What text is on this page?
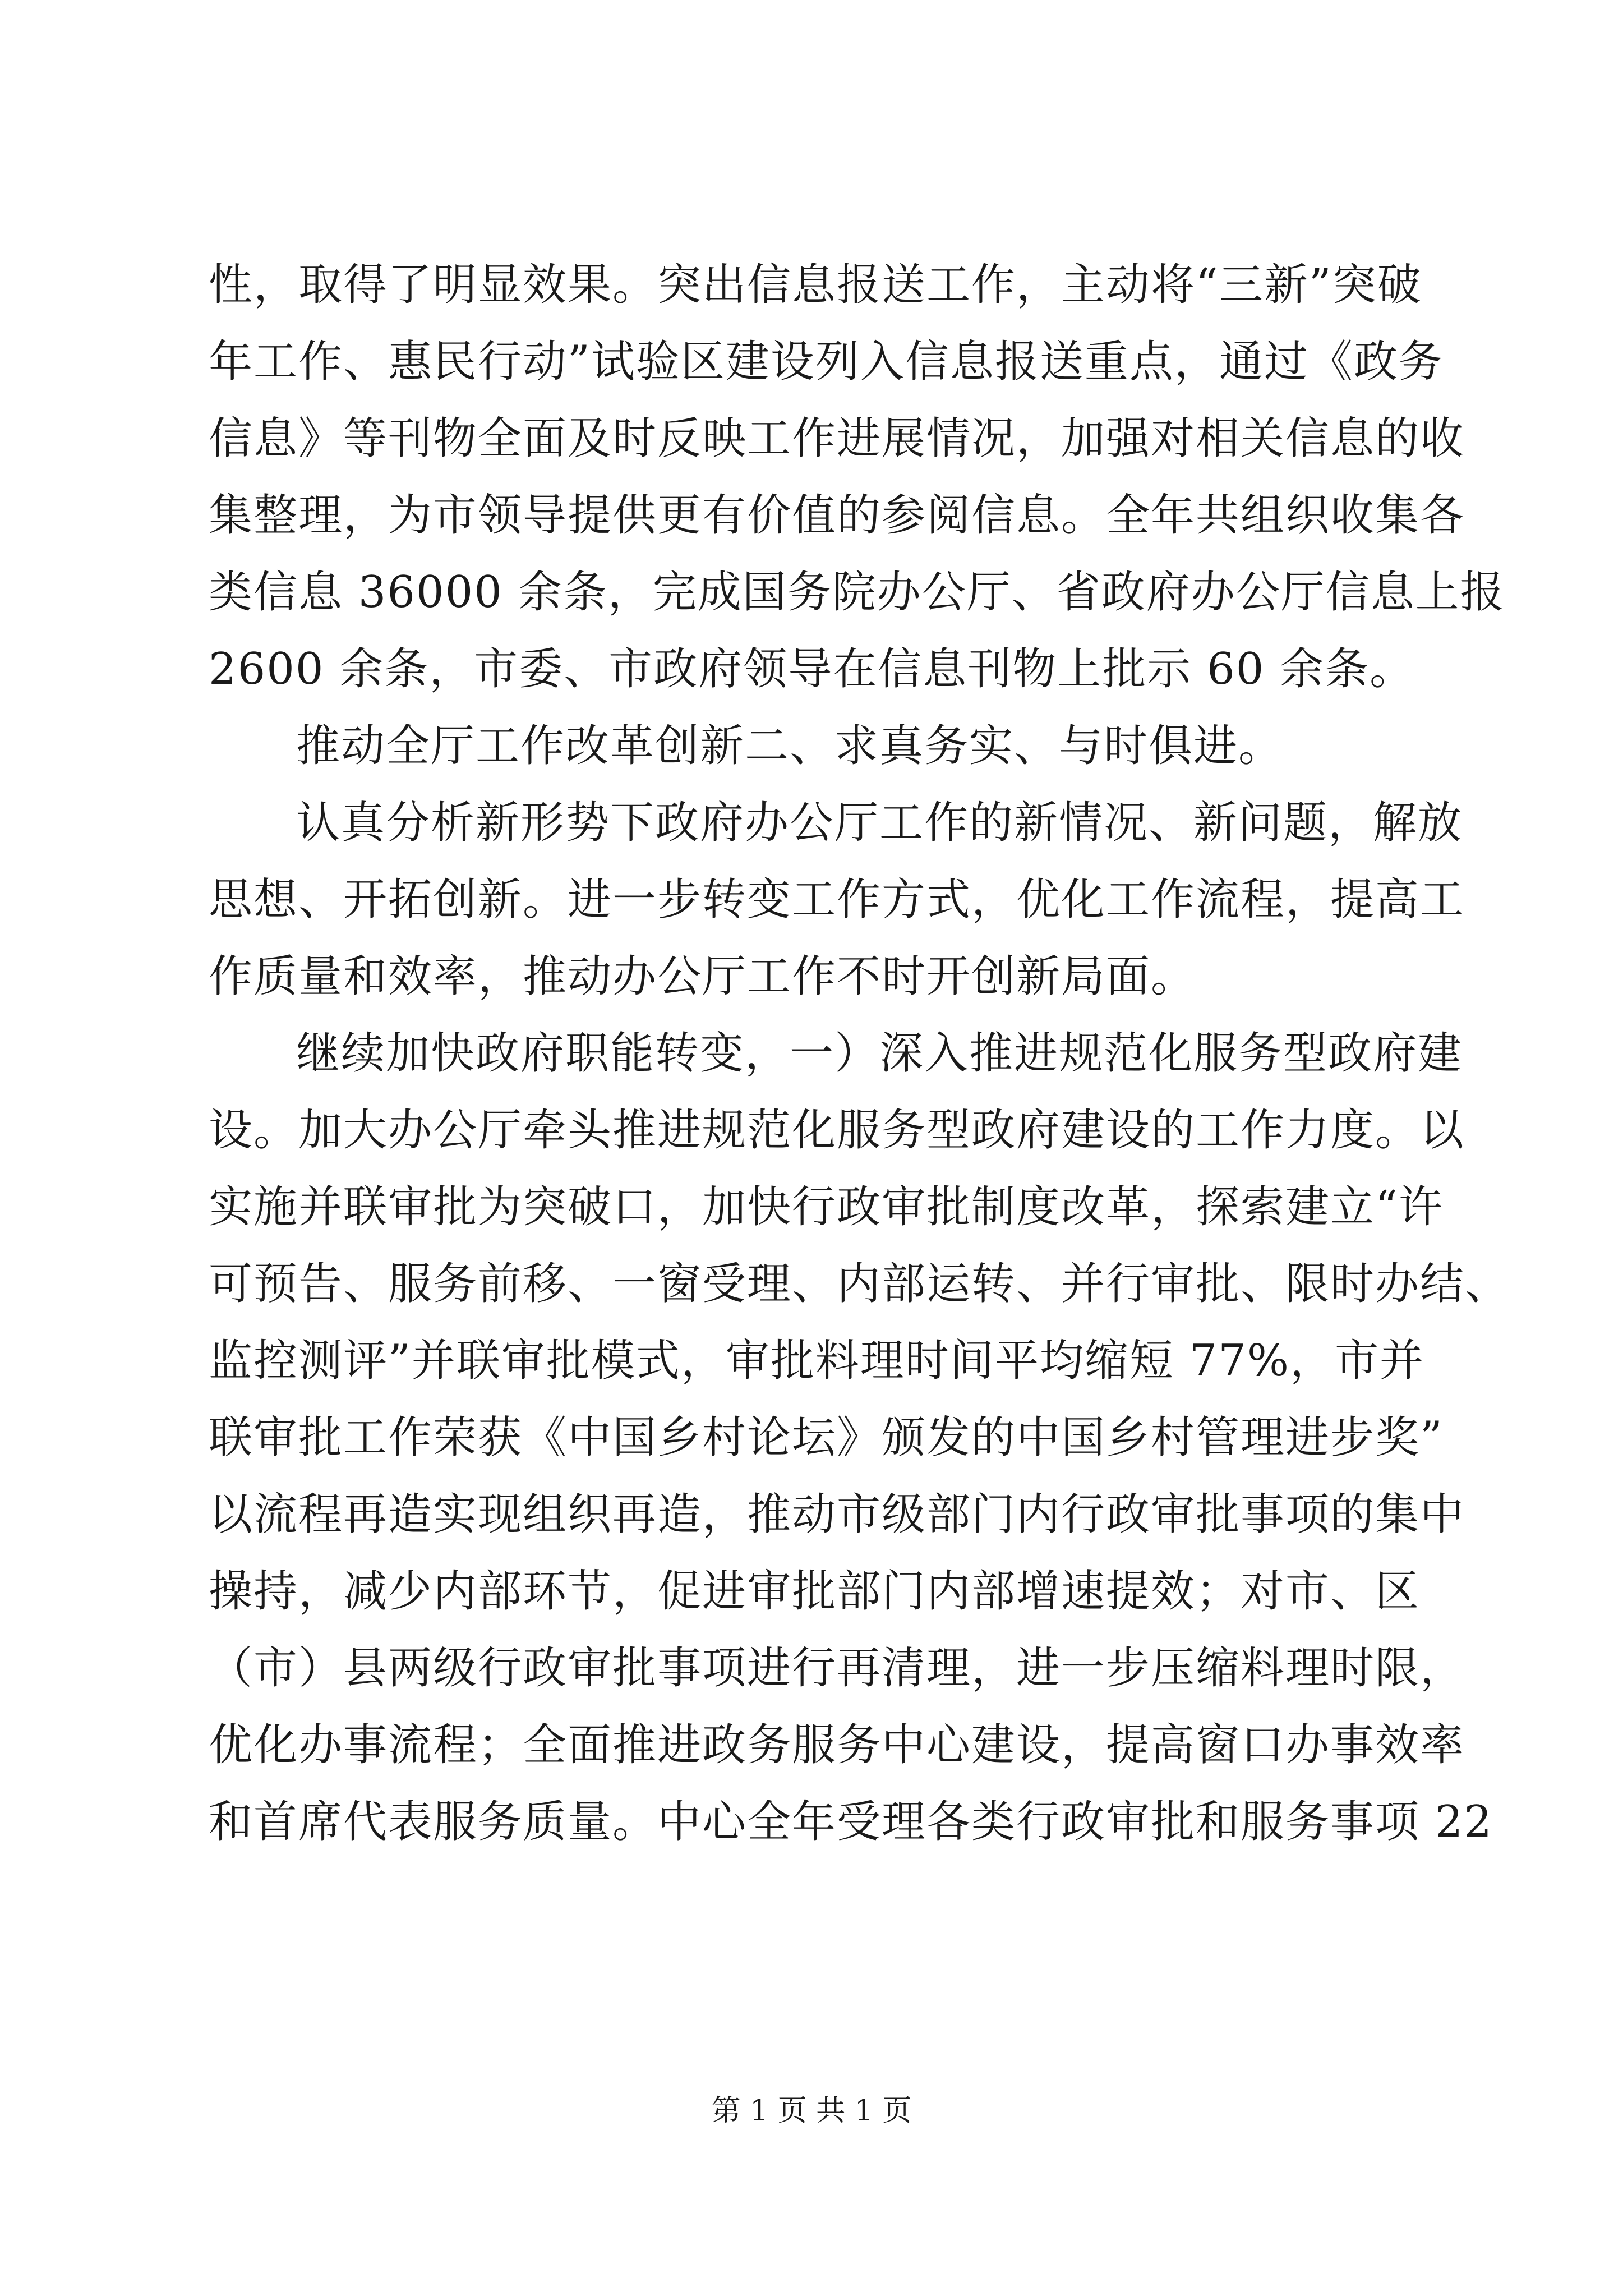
性，取得了明显效果。突出信息报送工作，主动将“三新”突破
年工作、惠民行动”试验区建设列入信息报送重点，通过《政务
信息》等刊物全面及时反映工作进展情况，加强对相关信息的收
集整理，为市领导提供更有价值的参阅信息。全年共组织收集各
类信息 36000 余条，完成国务院办公厅、省政府办公厅信息上报
2600 余条，市委、市政府领导在信息刊物上批示 60 余条。
推动全厅工作改革创新二、求真务实、与时俱进。
认真分析新形势下政府办公厅工作的新情况、新问题，解放
思想、开拓创新。进一步转变工作方式，优化工作流程，提高工
作质量和效率，推动办公厅工作不时开创新局面。
继续加快政府职能转变，一）深入推进规范化服务型政府建
设。加大办公厅牵头推进规范化服务型政府建设的工作力度。以
实施并联审批为突破口，加快行政审批制度改革，探索建立“许
可预告、服务前移、一窗受理、内部运转、并行审批、限时办结、
监控测评”并联审批模式，审批料理时间平均缩短 77%，市并
联审批工作荣获《中国乡村论坛》颁发的中国乡村管理进步奖”
以流程再造实现组织再造，推动市级部门内行政审批事项的集中
操持，减少内部环节，促进审批部门内部增速提效；对市、区
（市）县两级行政审批事项进行再清理，进一步压缩料理时限，
优化办事流程；全面推进政务服务中心建设，提高窗口办事效率
和首席代表服务质量。中心全年受理各类行政审批和服务事项 22
第 1 页 共 1 页
